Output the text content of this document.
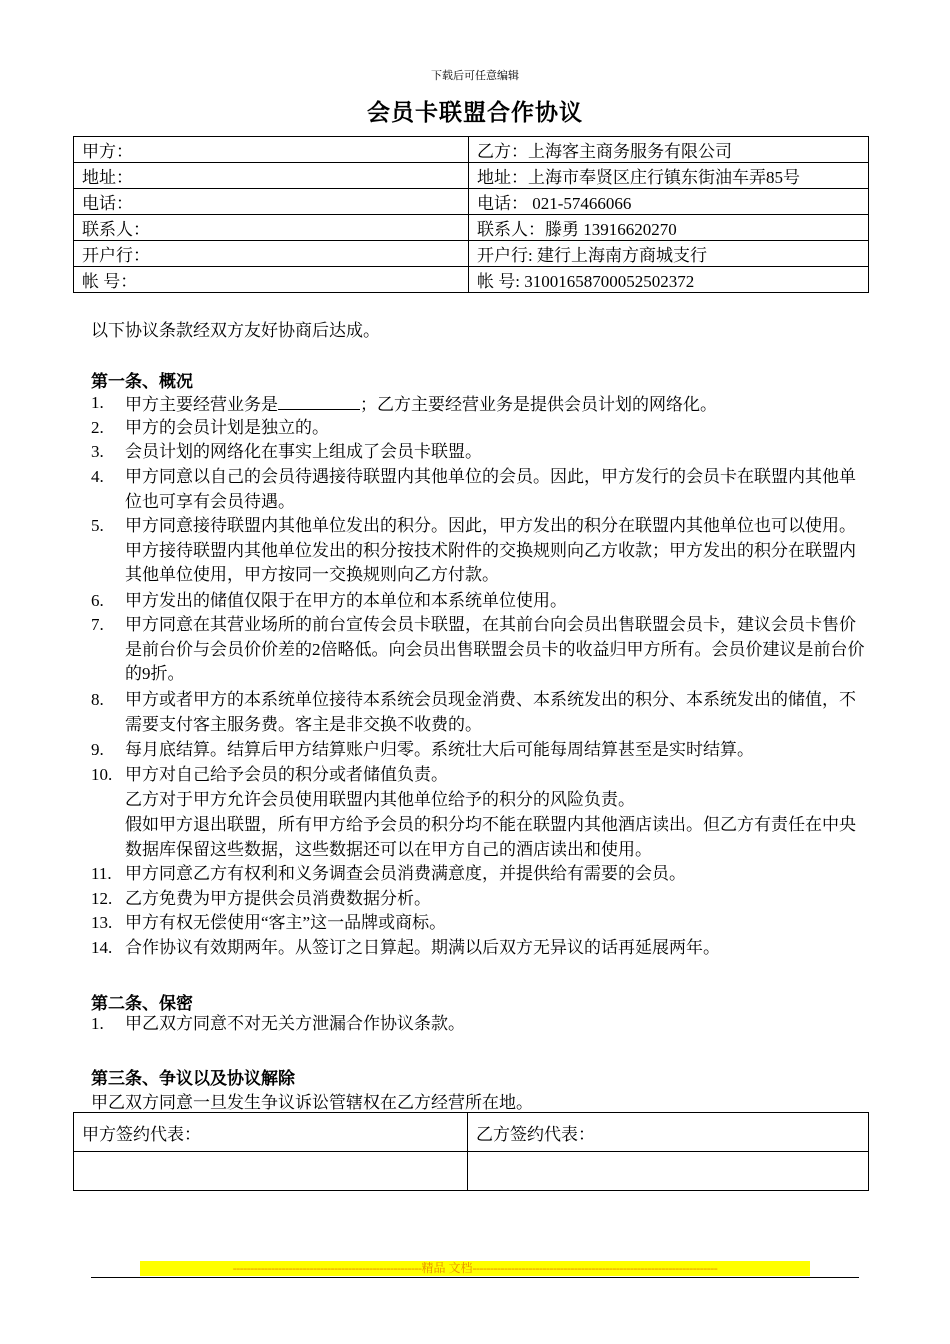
下载后可任意编辑
会员卡联盟合作协议
甲方：	乙方：上海客主商务服务有限公司
地址：	地址：上海市奉贤区庄行镇东街油车弄85号
电话：	电话： 021-57466066
联系人：	联系人：滕勇 13916620270
开户行：	开户行: 建行上海南方商城支行
帐 号：	帐 号: 31001658700052502372
以下协议条款经双方友好协商后达成。
第一条、概况
1. 甲方主要经营业务是	；乙方主要经营业务是提供会员计划的网络化。
2. 甲方的会员计划是独立的。
3. 会员计划的网络化在事实上组成了会员卡联盟。
4. 甲方同意以自己的会员待遇接待联盟内其他单位的会员。因此，甲方发行的会员卡在联盟内其他单位也可享有会员待遇。
5. 甲方同意接待联盟内其他单位发出的积分。因此，甲方发出的积分在联盟内其他单位也可以使用。甲方接待联盟内其他单位发出的积分按技术附件的交换规则向乙方收款；甲方发出的积分在联盟内其他单位使用，甲方按同一交换规则向乙方付款。
6. 甲方发出的储值仅限于在甲方的本单位和本系统单位使用。
7. 甲方同意在其营业场所的前台宣传会员卡联盟，在其前台向会员出售联盟会员卡，建议会员卡售价是前台价与会员价价差的2倍略低。向会员出售联盟会员卡的收益归甲方所有。会员价建议是前台价的9折。
8. 甲方或者甲方的本系统单位接待本系统会员现金消费、本系统发出的积分、本系统发出的储值，不需要支付客主服务费。客主是非交换不收费的。
9. 每月底结算。结算后甲方结算账户归零。系统壮大后可能每周结算甚至是实时结算。
10. 甲方对自己给予会员的积分或者储值负责。
乙方对于甲方允许会员使用联盟内其他单位给予的积分的风险负责。
假如甲方退出联盟，所有甲方给予会员的积分均不能在联盟内其他酒店读出。但乙方有责任在中央数据库保留这些数据，这些数据还可以在甲方自己的酒店读出和使用。
11. 甲方同意乙方有权利和义务调查会员消费满意度，并提供给有需要的会员。
12. 乙方免费为甲方提供会员消费数据分析。
13. 甲方有权无偿使用“客主”这一品牌或商标。
14. 合作协议有效期两年。从签订之日算起。期满以后双方无异议的话再延展两年。
第二条、保密
1. 甲乙双方同意不对无关方泄漏合作协议条款。
第三条、争议以及协议解除
甲乙双方同意一旦发生争议诉讼管辖权在乙方经营所在地。
甲方签约代表：	乙方签约代表：

------------------------------------------------------精品 文档----------------------------------------------------------------------
